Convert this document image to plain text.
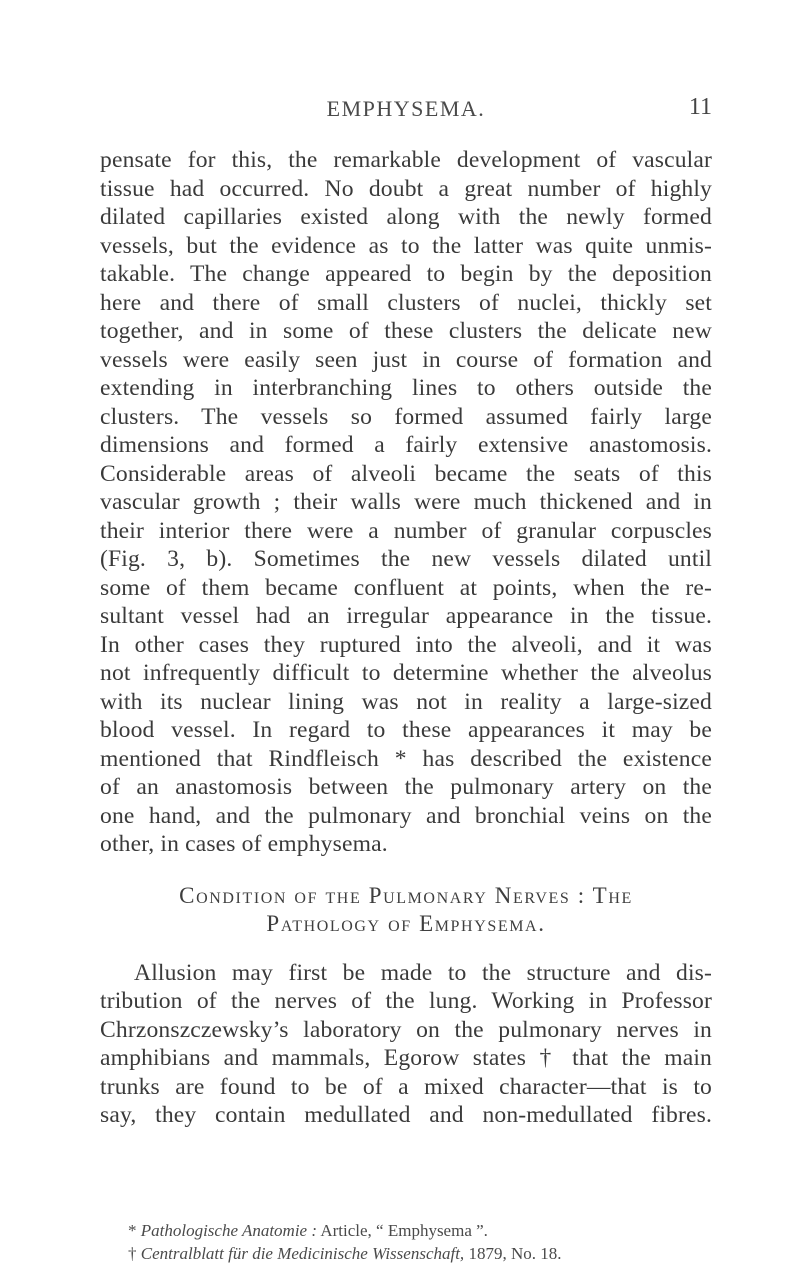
EMPHYSEMA.	11
pensate for this, the remarkable development of vascular
tissue had occurred. No doubt a great number of highly
dilated capillaries existed along with the newly formed
vessels, but the evidence as to the latter was quite unmis-
takable. The change appeared to begin by the deposition
here and there of small clusters of nuclei, thickly set
together, and in some of these clusters the delicate new
vessels were easily seen just in course of formation and
extending in interbranching lines to others outside the
clusters. The vessels so formed assumed fairly large
dimensions and formed a fairly extensive anastomosis.
Considerable areas of alveoli became the seats of this
vascular growth ; their walls were much thickened and in
their interior there were a number of granular corpuscles
(Fig. 3, b). Sometimes the new vessels dilated until
some of them became confluent at points, when the re-
sultant vessel had an irregular appearance in the tissue.
In other cases they ruptured into the alveoli, and it was
not infrequently difficult to determine whether the alveolus
with its nuclear lining was not in reality a large-sized
blood vessel. In regard to these appearances it may be
mentioned that Rindfleisch * has described the existence
of an anastomosis between the pulmonary artery on the
one hand, and the pulmonary and bronchial veins on the
other, in cases of emphysema.
Condition of the Pulmonary Nerves : The
Pathology of Emphysema.
Allusion may first be made to the structure and dis-
tribution of the nerves of the lung. Working in Professor
Chrzonszczewsky’s laboratory on the pulmonary nerves in
amphibians and mammals, Egorow states † that the main
trunks are found to be of a mixed character—that is to
say, they contain medullated and non-medullated fibres.
* Pathologische Anatomie : Article, “ Emphysema ”.
† Centralblatt für die Medicinische Wissenschaft, 1879, No. 18.
